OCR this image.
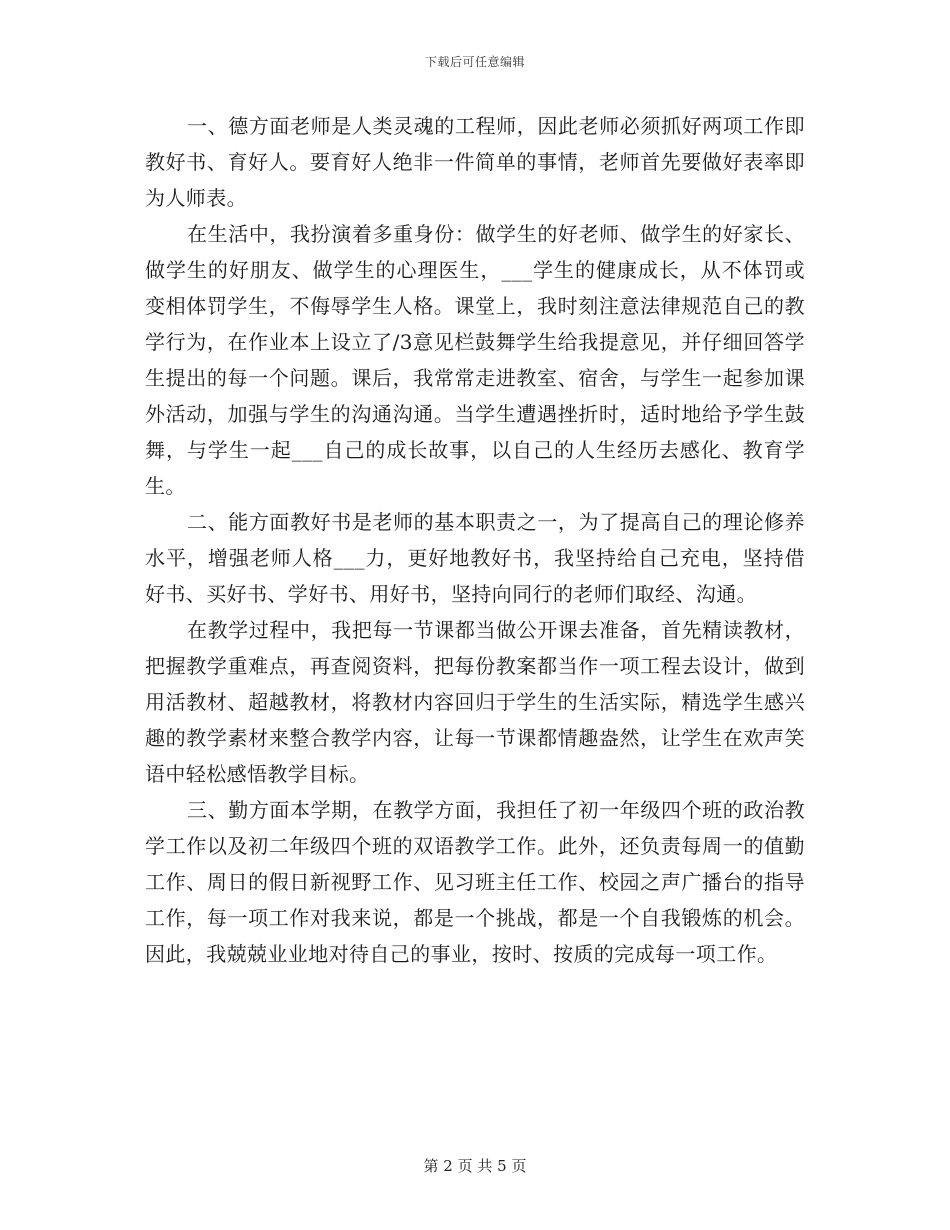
下载后可任意编辑

一、德方面老师是人类灵魂的工程师，因此老师必须抓好两项工作即教好书、育好人。要育好人绝非一件简单的事情，老师首先要做好表率即为人师表。

在生活中，我扮演着多重身份：做学生的好老师、做学生的好家长、做学生的好朋友、做学生的心理医生，___学生的健康成长，从不体罚或变相体罚学生，不侮辱学生人格。课堂上，我时刻注意法律规范自己的教学行为，在作业本上设立了/3意见栏鼓舞学生给我提意见，并仔细回答学生提出的每一个问题。课后，我常常走进教室、宿舍，与学生一起参加课外活动，加强与学生的沟通沟通。当学生遭遇挫折时，适时地给予学生鼓舞，与学生一起___自己的成长故事，以自己的人生经历去感化、教育学生。

二、能方面教好书是老师的基本职责之一，为了提高自己的理论修养水平，增强老师人格___力，更好地教好书，我坚持给自己充电，坚持借好书、买好书、学好书、用好书，坚持向同行的老师们取经、沟通。

在教学过程中，我把每一节课都当做公开课去准备，首先精读教材，把握教学重难点，再查阅资料，把每份教案都当作一项工程去设计，做到用活教材、超越教材，将教材内容回归于学生的生活实际，精选学生感兴趣的教学素材来整合教学内容，让每一节课都情趣盎然，让学生在欢声笑语中轻松感悟教学目标。

三、勤方面本学期，在教学方面，我担任了初一年级四个班的政治教学工作以及初二年级四个班的双语教学工作。此外，还负责每周一的值勤工作、周日的假日新视野工作、见习班主任工作、校园之声广播台的指导工作，每一项工作对我来说，都是一个挑战，都是一个自我锻炼的机会。因此，我兢兢业业地对待自己的事业，按时、按质的完成每一项工作。

第 2 页 共 5 页
